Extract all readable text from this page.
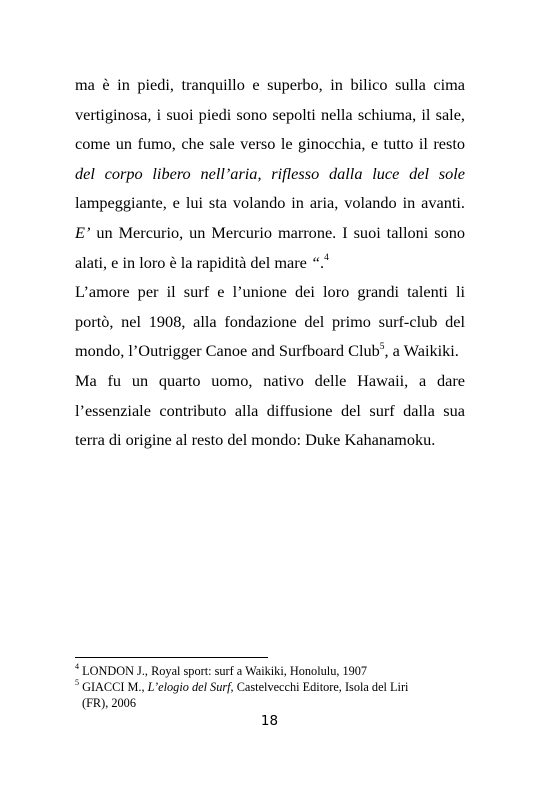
ma è in piedi, tranquillo e superbo, in bilico sulla cima vertiginosa, i suoi piedi sono sepolti nella schiuma, il sale, come un fumo, che sale verso le ginocchia, e tutto il resto del corpo libero nell’aria, riflesso dalla luce del sole lampeggiante, e lui sta volando in aria, volando in avanti. E’ un Mercurio, un Mercurio marrone. I suoi talloni sono alati, e in loro è la rapidità del mare “.$^4$

L’amore per il surf e l’unione dei loro grandi talenti li portò, nel 1908, alla fondazione del primo surf-club del mondo, l’Outrigger Canoe and Surfboard Club$^5$, a Waikiki.

Ma fu un quarto uomo, nativo delle Hawaii, a dare l’essenziale contributo alla diffusione del surf dalla sua terra di origine al resto del mondo: Duke Kahanamoku.

$^4$ LONDON J., Royal sport: surf a Waikiki, Honolulu, 1907
$^5$ GIACCI M., L’elogio del Surf, Castelvecchi Editore, Isola del Liri
(FR), 2006
18
